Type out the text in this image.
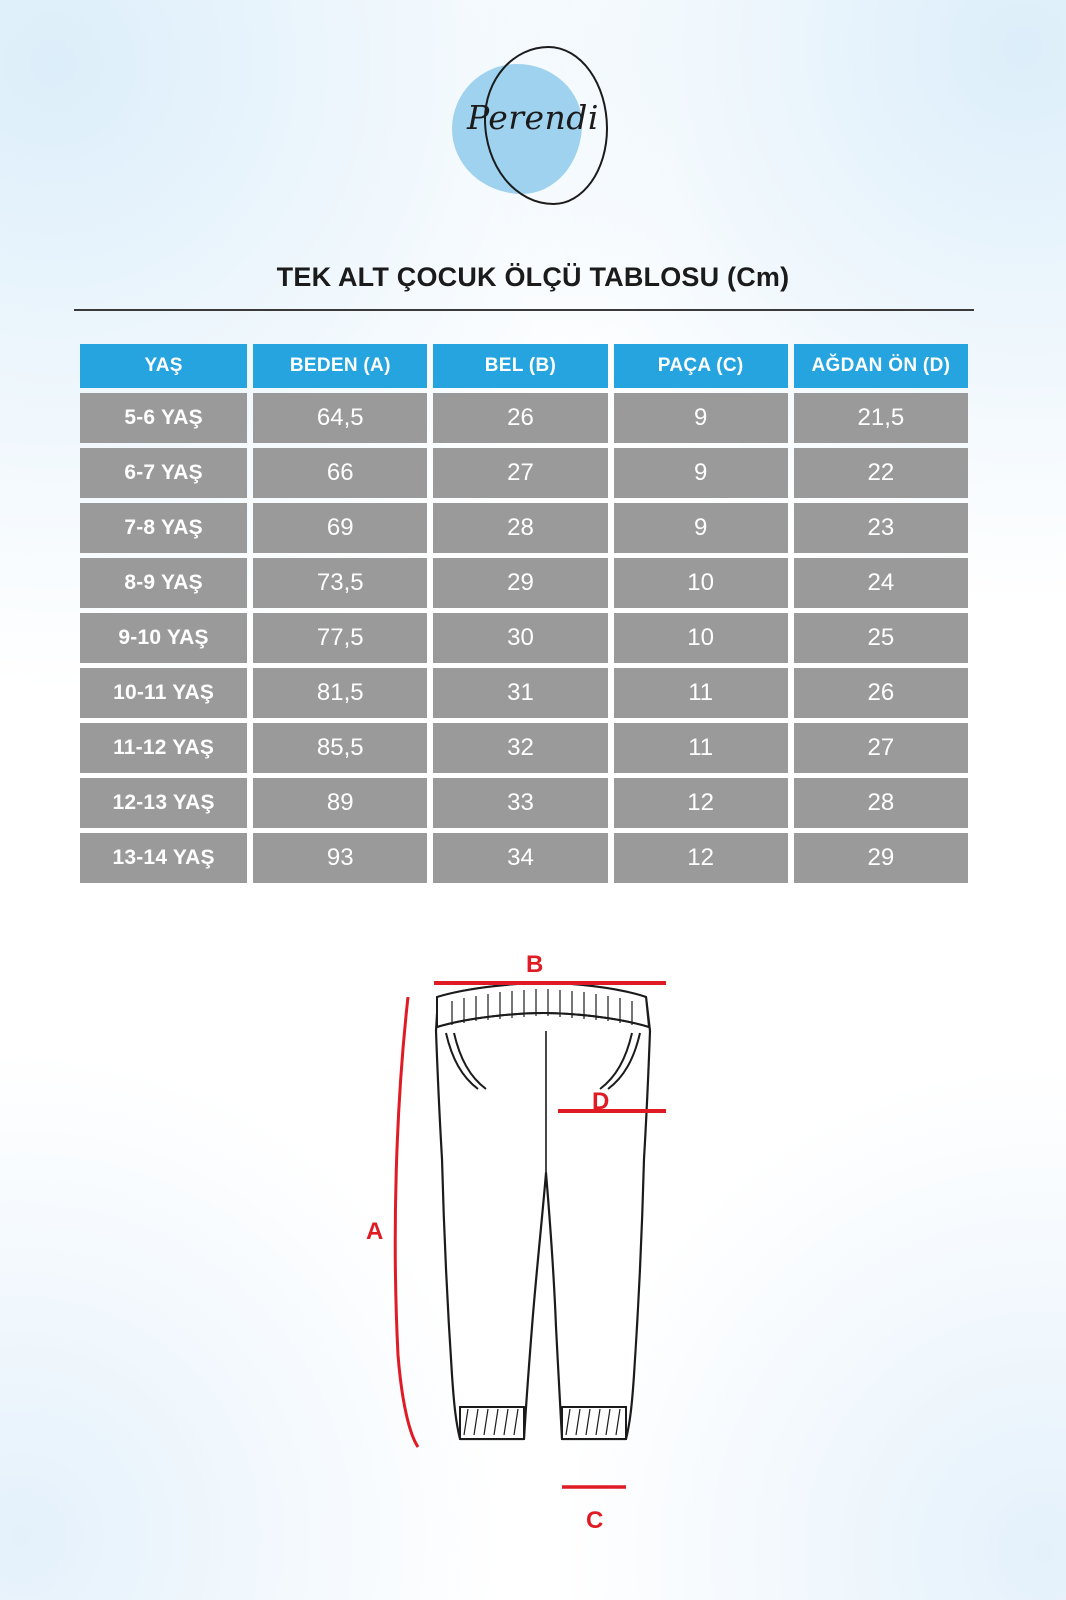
Perendi
TEK ALT ÇOCUK ÖLÇÜ TABLOSU (Cm)
YAŞ	BEDEN (A)	BEL (B)	PAÇA (C)	AĞDAN ÖN (D)
5-6 YAŞ	64,5	26	9	21,5
6-7 YAŞ	66	27	9	22
7-8 YAŞ	69	28	9	23
8-9 YAŞ	73,5	29	10	24
9-10 YAŞ	77,5	30	10	25
10-11 YAŞ	81,5	31	11	26
11-12 YAŞ	85,5	32	11	27
12-13 YAŞ	89	33	12	28
13-14 YAŞ	93	34	12	29
B
D
A
C
